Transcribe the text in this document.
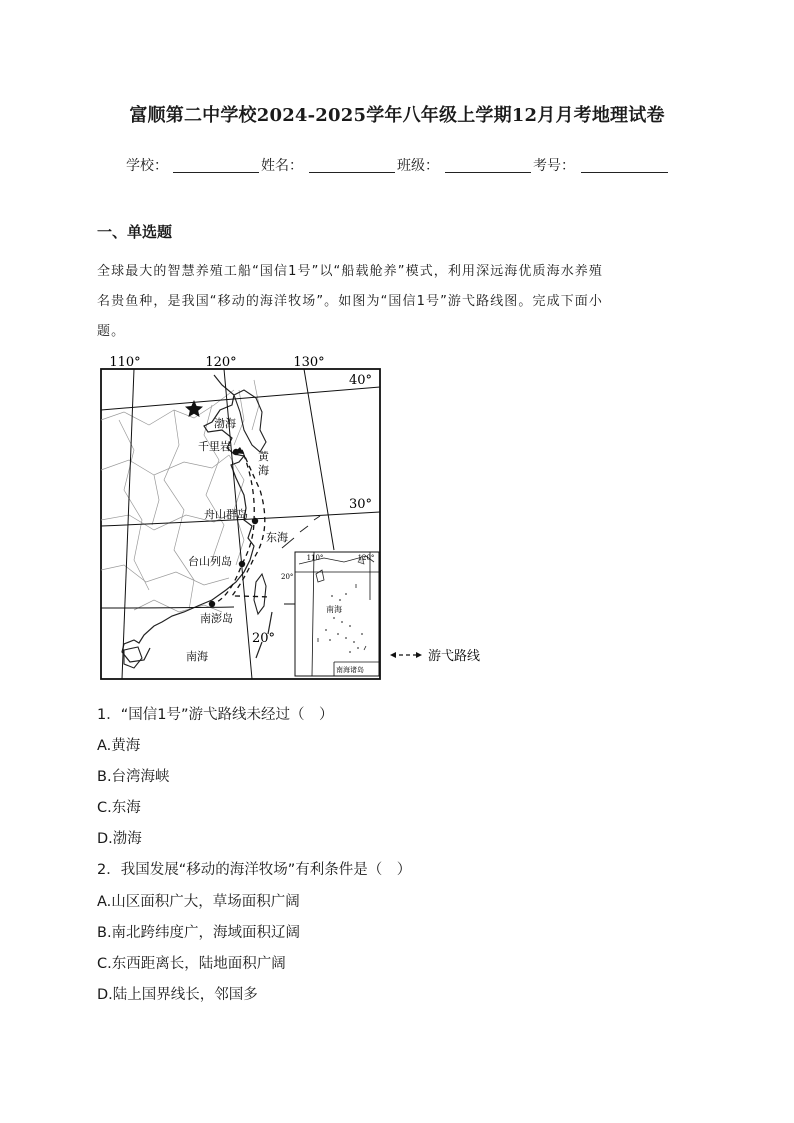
富顺第二中学校2024-2025学年八年级上学期12月月考地理试卷
学校：	姓名：	班级：	考号：
一、单选题
全球最大的智慧养殖工船“国信1号”以“船载舱养”模式，利用深远海优质海水养殖
名贵鱼种，是我国“移动的海洋牧场”。如图为“国信1号”游弋路线图。完成下面小
题。
110°	120°	130°
40°
30°
20°
渤海
千里岩
黄
海
舟山群岛
东海
台山列岛
南澎岛
南海
110°	120°
20°
南海
南海诸岛
游弋路线
1．“国信1号”游弋路线未经过（　）
A.黄海
B.台湾海峡
C.东海
D.渤海
2．我国发展“移动的海洋牧场”有利条件是（　）
A.山区面积广大，草场面积广阔
B.南北跨纬度广，海域面积辽阔
C.东西距离长，陆地面积广阔
D.陆上国界线长，邻国多
